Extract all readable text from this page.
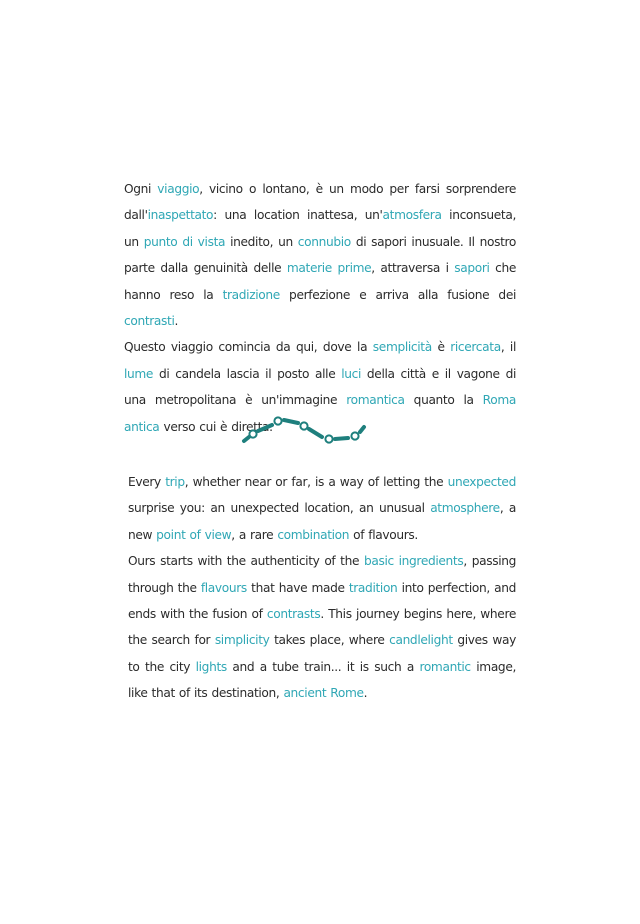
Ogni viaggio, vicino o lontano, è un modo per farsi sorprendere dall'inaspettato: una location inattesa, un'atmosfera inconsueta, un punto di vista inedito, un connubio di sapori inusuale. Il nostro parte dalla genuinità delle materie prime, attraversa i sapori che hanno reso la tradizione perfezione e arriva alla fusione dei contrasti.

Questo viaggio comincia da qui, dove la semplicità è ricercata, il lume di candela lascia il posto alle luci della città e il vagone di una metropolitana è un'immagine romantica quanto la Roma antica verso cui è diretta.

Every trip, whether near or far, is a way of letting the unexpected surprise you: an unexpected location, an unusual atmosphere, a new point of view, a rare combination of flavours.

Ours starts with the authenticity of the basic ingredients, passing through the flavours that have made tradition into perfection, and ends with the fusion of contrasts. This journey begins here, where the search for simplicity takes place, where candlelight gives way to the city lights and a tube train... it is such a romantic image, like that of its destination, ancient Rome.
